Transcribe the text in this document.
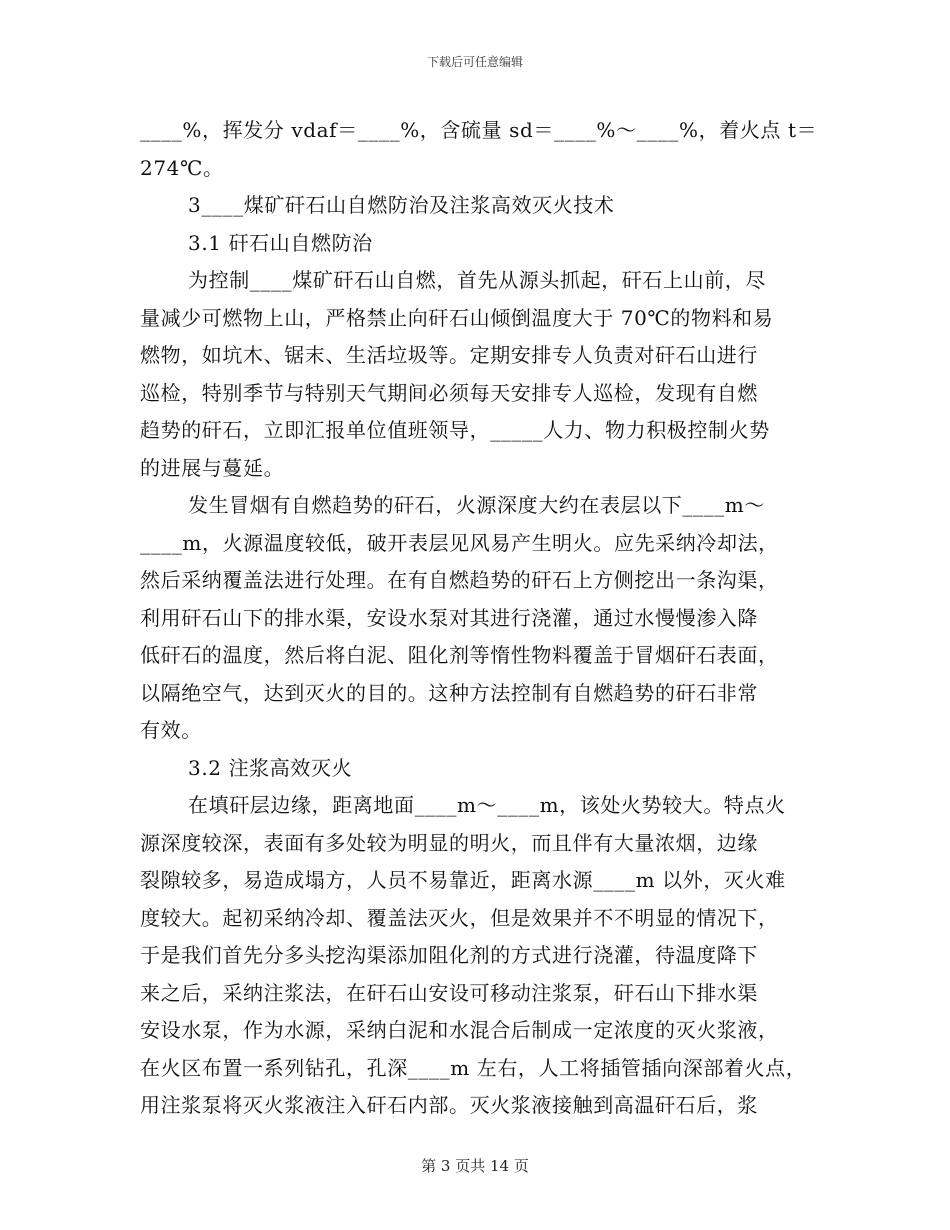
下载后可任意编辑
____%，挥发分 vdaf＝____%，含硫量 sd＝____%～____%，着火点 t＝
274℃。
3____煤矿矸石山自燃防治及注浆高效灭火技术
3.1 矸石山自燃防治
为控制____煤矿矸石山自燃，首先从源头抓起，矸石上山前，尽
量减少可燃物上山，严格禁止向矸石山倾倒温度大于 70℃的物料和易
燃物，如坑木、锯末、生活垃圾等。定期安排专人负责对矸石山进行
巡检，特别季节与特别天气期间必须每天安排专人巡检，发现有自燃
趋势的矸石，立即汇报单位值班领导，_____人力、物力积极控制火势
的进展与蔓延。
发生冒烟有自燃趋势的矸石，火源深度大约在表层以下____m～
____m，火源温度较低，破开表层见风易产生明火。应先采纳冷却法，
然后采纳覆盖法进行处理。在有自燃趋势的矸石上方侧挖出一条沟渠，
利用矸石山下的排水渠，安设水泵对其进行浇灌，通过水慢慢渗入降
低矸石的温度，然后将白泥、阻化剂等惰性物料覆盖于冒烟矸石表面，
以隔绝空气，达到灭火的目的。这种方法控制有自燃趋势的矸石非常
有效。
3.2 注浆高效灭火
在填矸层边缘，距离地面____m～____m，该处火势较大。特点火
源深度较深，表面有多处较为明显的明火，而且伴有大量浓烟，边缘
裂隙较多，易造成塌方，人员不易靠近，距离水源____m 以外，灭火难
度较大。起初采纳冷却、覆盖法灭火，但是效果并不不明显的情况下，
于是我们首先分多头挖沟渠添加阻化剂的方式进行浇灌，待温度降下
来之后，采纳注浆法，在矸石山安设可移动注浆泵，矸石山下排水渠
安设水泵，作为水源，采纳白泥和水混合后制成一定浓度的灭火浆液，
在火区布置一系列钻孔，孔深____m 左右，人工将插管插向深部着火点，
用注浆泵将灭火浆液注入矸石内部。灭火浆液接触到高温矸石后，浆
第 3 页共 14 页
